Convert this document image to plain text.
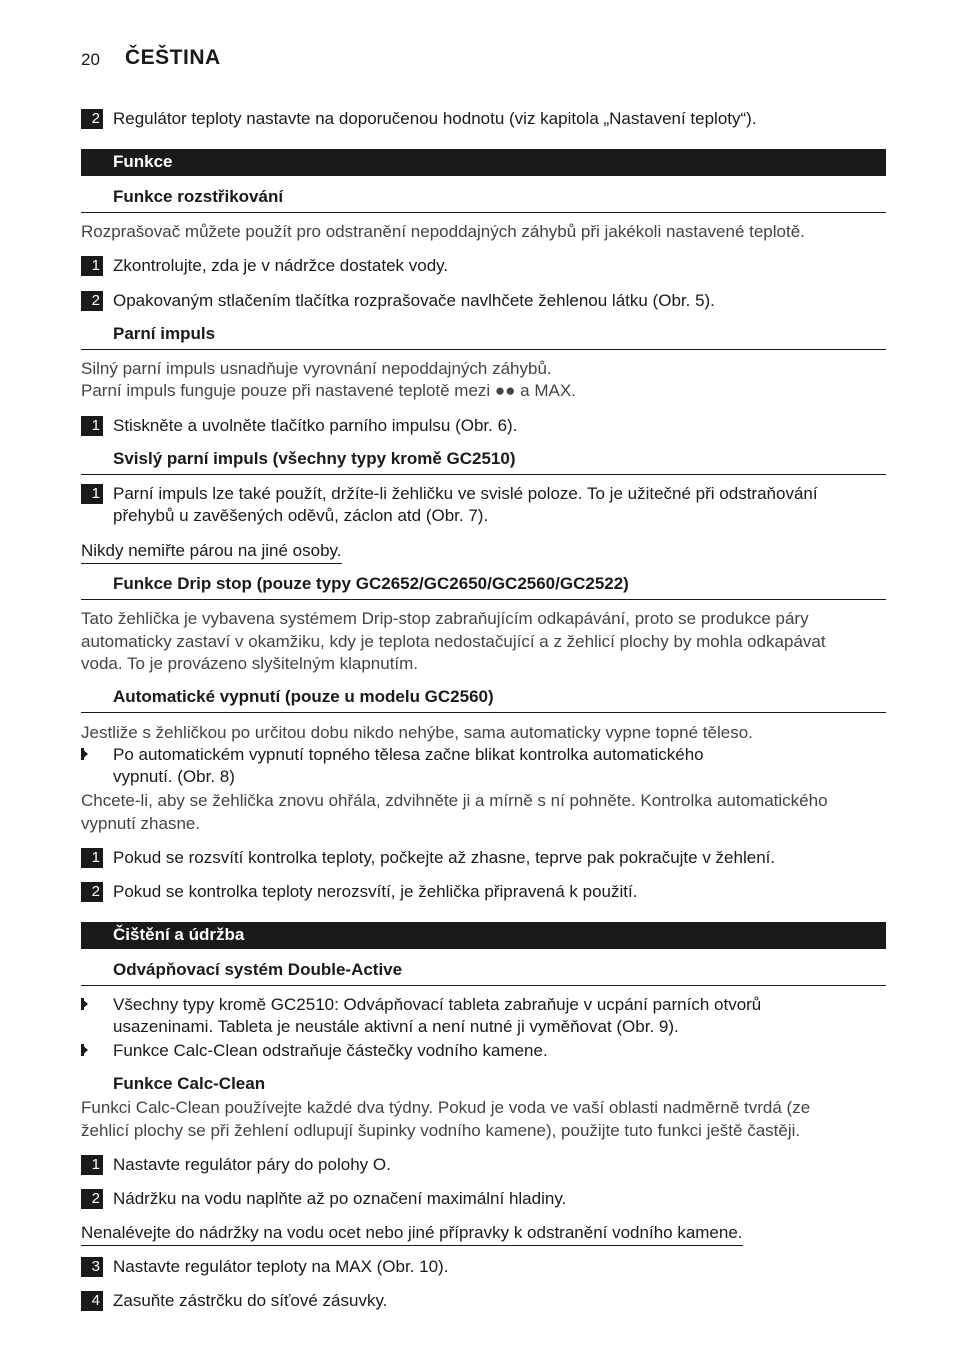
20 ČEŠTINA
2 Regulátor teploty nastavte na doporučenou hodnotu (viz kapitola „Nastavení teploty“).
Funkce
Funkce rozstřikování
Rozprašovač můžete použít pro odstranění nepoddajných záhybů při jakékoli nastavené teplotě.
1 Zkontrolujte, zda je v nádržce dostatek vody.
2 Opakovaným stlačením tlačítka rozprašovače navlhčete žehlenou látku (Obr. 5).
Parní impuls
Silný parní impuls usnadňuje vyrovnání nepoddajných záhybů.
Parní impuls funguje pouze při nastavené teplotě mezi ●● a MAX.
1 Stiskněte a uvolněte tlačítko parního impulsu (Obr. 6).
Svislý parní impuls (všechny typy kromě GC2510)
1 Parní impuls lze také použít, držíte-li žehličku ve svislé poloze. To je užitečné při odstraňování
přehybů u zavěšených oděvů, záclon atd (Obr. 7).
Nikdy nemiřte párou na jiné osoby.
Funkce Drip stop (pouze typy GC2652/GC2650/GC2560/GC2522)
Tato žehlička je vybavena systémem Drip-stop zabraňujícím odkapávání, proto se produkce páry
automaticky zastaví v okamžiku, kdy je teplota nedostačující a z žehlicí plochy by mohla odkapávat
voda. To je provázeno slyšitelným klapnutím.
Automatické vypnutí (pouze u modelu GC2560)
Jestliže s žehličkou po určitou dobu nikdo nehýbe, sama automaticky vypne topné těleso.
Po automatickém vypnutí topného tělesa začne blikat kontrolka automatického
vypnutí. (Obr. 8)
Chcete-li, aby se žehlička znovu ohřála, zdvihněte ji a mírně s ní pohněte. Kontrolka automatického
vypnutí zhasne.
1 Pokud se rozsvítí kontrolka teploty, počkejte až zhasne, teprve pak pokračujte v žehlení.
2 Pokud se kontrolka teploty nerozsvítí, je žehlička připravená k použití.
Čištění a údržba
Odvápňovací systém Double-Active
Všechny typy kromě GC2510: Odvápňovací tableta zabraňuje v ucpání parních otvorů
usazeninami. Tableta je neustále aktivní a není nutné ji vyměňovat (Obr. 9).
Funkce Calc-Clean odstraňuje částečky vodního kamene.
Funkce Calc-Clean
Funkci Calc-Clean používejte každé dva týdny. Pokud je voda ve vaší oblasti nadměrně tvrdá (ze
žehlicí plochy se při žehlení odlupují šupinky vodního kamene), použijte tuto funkci ještě častěji.
1 Nastavte regulátor páry do polohy O.
2 Nádržku na vodu naplňte až po označení maximální hladiny.
Nenalévejte do nádržky na vodu ocet nebo jiné přípravky k odstranění vodního kamene.
3 Nastavte regulátor teploty na MAX (Obr. 10).
4 Zasuňte zástrčku do síťové zásuvky.
